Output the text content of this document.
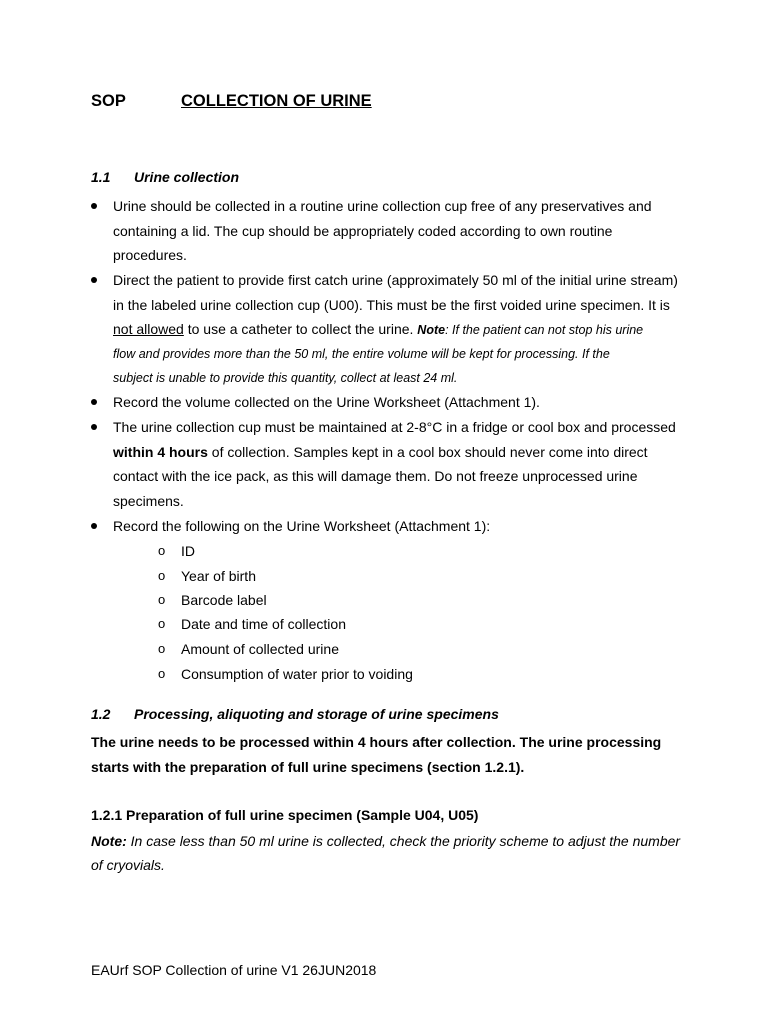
SOP	COLLECTION OF URINE
1.1 Urine collection
Urine should be collected in a routine urine collection cup free of any preservatives and
containing a lid. The cup should be appropriately coded according to own routine
procedures.
Direct the patient to provide first catch urine (approximately 50 ml of the initial urine stream)
in the labeled urine collection cup (U00). This must be the first voided urine specimen. It is
not allowed to use a catheter to collect the urine. Note: If the patient can not stop his urine
flow and provides more than the 50 ml, the entire volume will be kept for processing. If the
subject is unable to provide this quantity, collect at least 24 ml.
Record the volume collected on the Urine Worksheet (Attachment 1).
The urine collection cup must be maintained at 2-8°C in a fridge or cool box and processed
within 4 hours of collection. Samples kept in a cool box should never come into direct
contact with the ice pack, as this will damage them. Do not freeze unprocessed urine
specimens.
Record the following on the Urine Worksheet (Attachment 1):
o ID
o Year of birth
o Barcode label
o Date and time of collection
o Amount of collected urine
o Consumption of water prior to voiding
1.2 Processing, aliquoting and storage of urine specimens
The urine needs to be processed within 4 hours after collection. The urine processing
starts with the preparation of full urine specimens (section 1.2.1).
1.2.1 Preparation of full urine specimen (Sample U04, U05)
Note: In case less than 50 ml urine is collected, check the priority scheme to adjust the number
of cryovials.
EAUrf SOP Collection of urine V1 26JUN2018
